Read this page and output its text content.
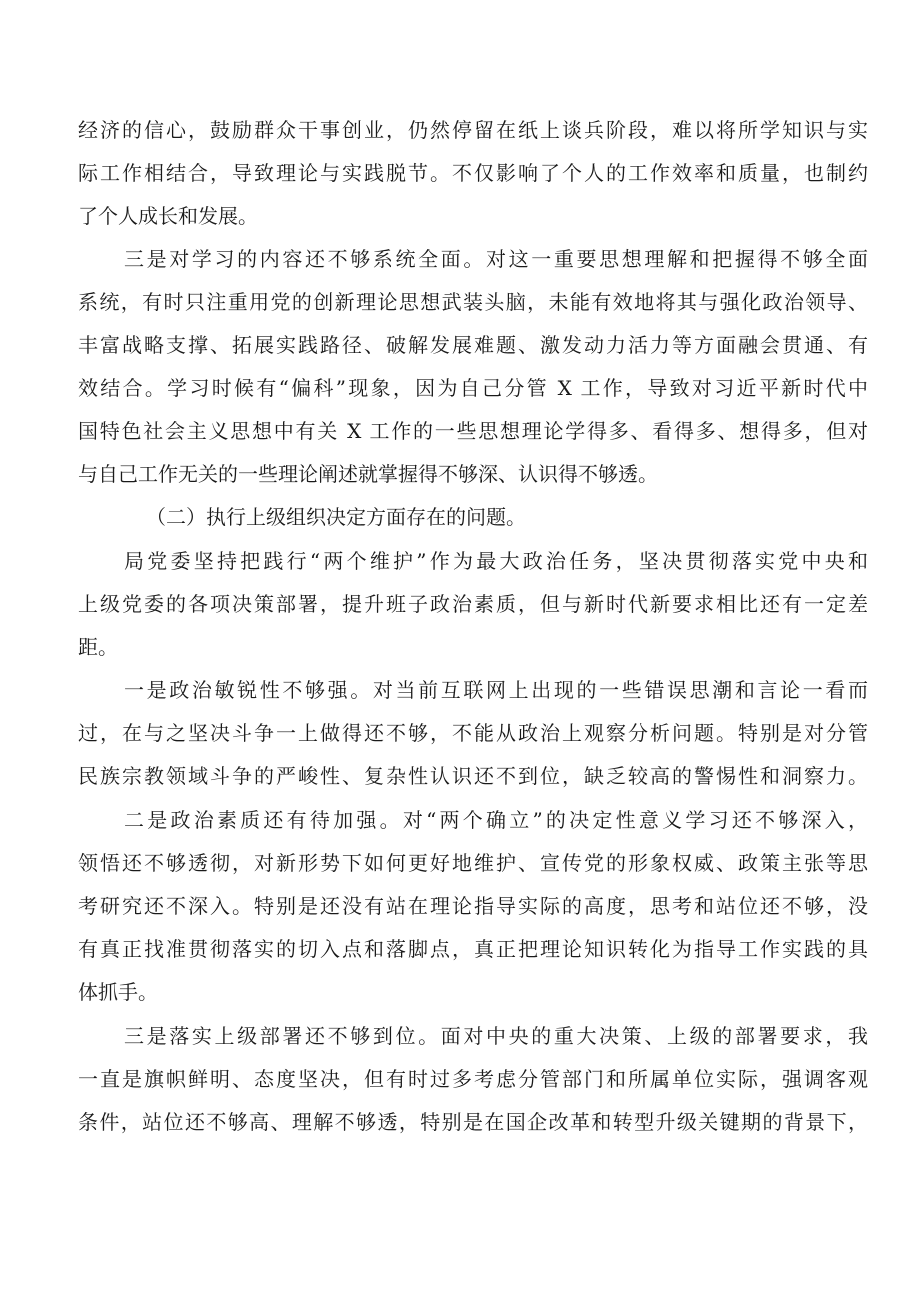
经济的信心，鼓励群众干事创业，仍然停留在纸上谈兵阶段，难以将所学知识与实
际工作相结合，导致理论与实践脱节。不仅影响了个人的工作效率和质量，也制约
了个人成长和发展。
三是对学习的内容还不够系统全面。对这一重要思想理解和把握得不够全面
系统，有时只注重用党的创新理论思想武装头脑，未能有效地将其与强化政治领导、
丰富战略支撑、拓展实践路径、破解发展难题、激发动力活力等方面融会贯通、有
效结合。学习时候有“偏科”现象，因为自己分管 X 工作，导致对习近平新时代中
国特色社会主义思想中有关 X 工作的一些思想理论学得多、看得多、想得多，但对
与自己工作无关的一些理论阐述就掌握得不够深、认识得不够透。
（二）执行上级组织决定方面存在的问题。
局党委坚持把践行“两个维护”作为最大政治任务，坚决贯彻落实党中央和
上级党委的各项决策部署，提升班子政治素质，但与新时代新要求相比还有一定差
距。
一是政治敏锐性不够强。对当前互联网上出现的一些错误思潮和言论一看而
过，在与之坚决斗争一上做得还不够，不能从政治上观察分析问题。特别是对分管
民族宗教领域斗争的严峻性、复杂性认识还不到位，缺乏较高的警惕性和洞察力。
二是政治素质还有待加强。对“两个确立”的决定性意义学习还不够深入，
领悟还不够透彻，对新形势下如何更好地维护、宣传党的形象权威、政策主张等思
考研究还不深入。特别是还没有站在理论指导实际的高度，思考和站位还不够，没
有真正找准贯彻落实的切入点和落脚点，真正把理论知识转化为指导工作实践的具
体抓手。
三是落实上级部署还不够到位。面对中央的重大决策、上级的部署要求，我
一直是旗帜鲜明、态度坚决，但有时过多考虑分管部门和所属单位实际，强调客观
条件，站位还不够高、理解不够透，特别是在国企改革和转型升级关键期的背景下，
